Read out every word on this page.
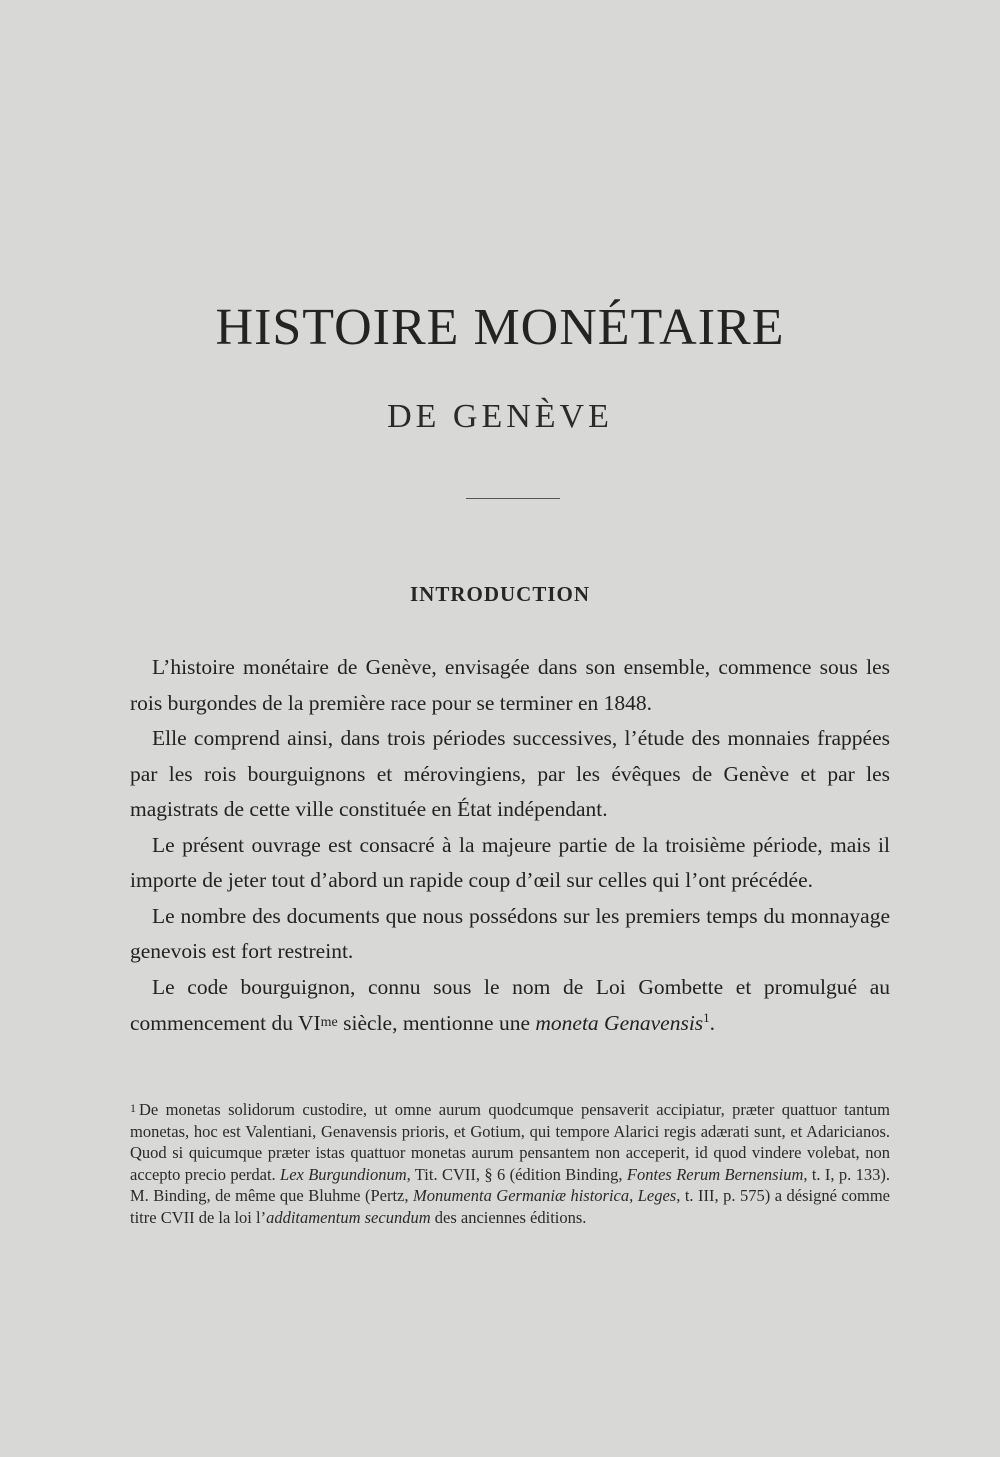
HISTOIRE MONÉTAIRE
DE GENÈVE
INTRODUCTION

L’histoire monétaire de Genève, envisagée dans son ensemble, commence sous les rois burgondes de la première race pour se terminer en 1848.

Elle comprend ainsi, dans trois périodes successives, l’étude des monnaies frappées par les rois bourguignons et mérovingiens, par les évêques de Genève et par les magistrats de cette ville constituée en État indépendant.

Le présent ouvrage est consacré à la majeure partie de la troisième période, mais il importe de jeter tout d’abord un rapide coup d’œil sur celles qui l’ont précédée.

Le nombre des documents que nous possédons sur les premiers temps du monnayage genevois est fort restreint.

Le code bourguignon, connu sous le nom de Loi Gombette et promulgué au commencement du VIme siècle, mentionne une moneta Genavensis$^1$.

1 De monetas solidorum custodire, ut omne aurum quodcumque pensaverit accipiatur, præter quattuor tantum monetas, hoc est Valentiani, Genavensis prioris, et Gotium, qui tempore Alarici regis adærati sunt, et Adaricianos. Quod si quicumque præter istas quattuor monetas aurum pensantem non acceperit, id quod vindere volebat, non accepto precio perdat. Lex Burgundionum, Tit. CVII, § 6 (édition Binding, Fontes Rerum Bernensium, t. I, p. 133). M. Binding, de même que Bluhme (Pertz, Monumenta Germaniæ historica, Leges, t. III, p. 575) a désigné comme titre CVII de la loi l’additamentum secundum des anciennes éditions.
